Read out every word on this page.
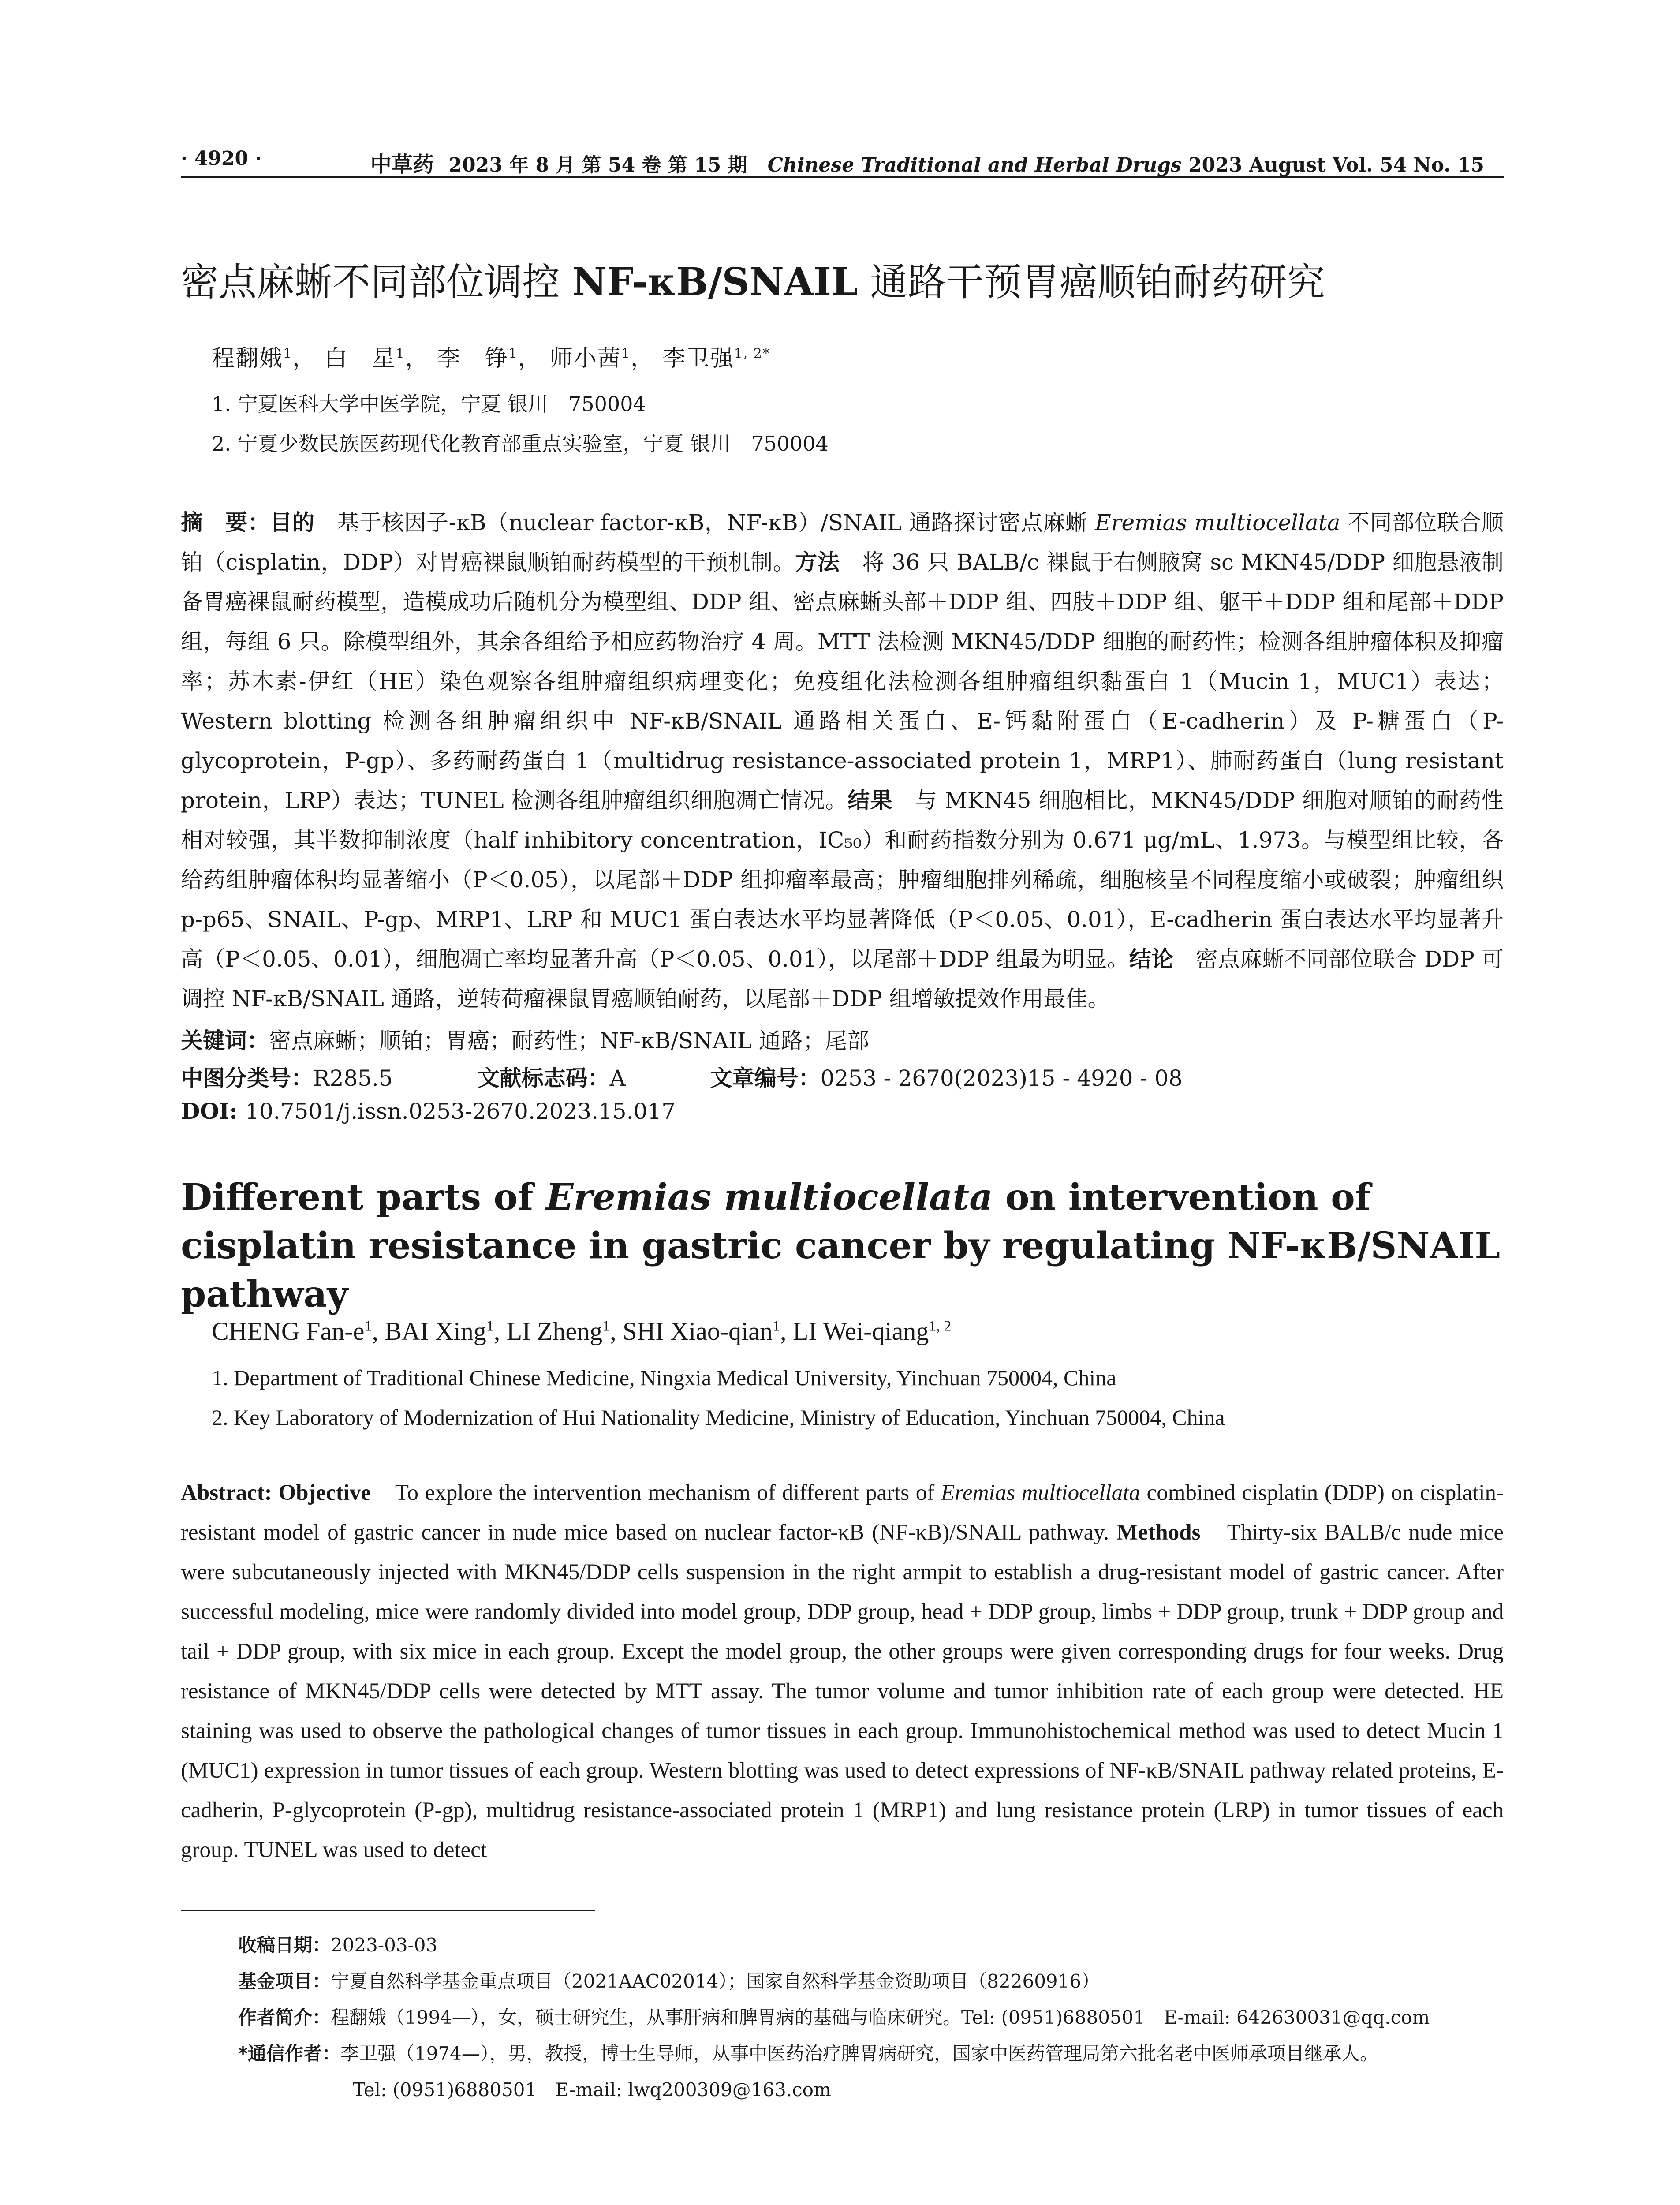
· 4920 ·	中草药 2023 年 8 月 第 54 卷 第 15 期 Chinese Traditional and Herbal Drugs 2023 August Vol. 54 No. 15
密点麻蜥不同部位调控 NF-κB/SNAIL 通路干预胃癌顺铂耐药研究
程翻娥$^1$， 白　星$^1$， 李　铮$^1$， 师小茜$^1$， 李卫强$^{1, 2*}$
1. 宁夏医科大学中医学院，宁夏 银川　750004
2. 宁夏少数民族医药现代化教育部重点实验室，宁夏 银川　750004
摘　要：目的　基于核因子-κB（nuclear factor-κB，NF-κB）/SNAIL 通路探讨密点麻蜥 Eremias multiocellata 不同部位联合顺铂（cisplatin，DDP）对胃癌裸鼠顺铂耐药模型的干预机制。方法　将 36 只 BALB/c 裸鼠于右侧腋窝 sc MKN45/DDP 细胞悬液制备胃癌裸鼠耐药模型，造模成功后随机分为模型组、DDP 组、密点麻蜥头部＋DDP 组、四肢＋DDP 组、躯干＋DDP 组和尾部＋DDP 组，每组 6 只。除模型组外，其余各组给予相应药物治疗 4 周。MTT 法检测 MKN45/DDP 细胞的耐药性；检测各组肿瘤体积及抑瘤率；苏木素-伊红（HE）染色观察各组肿瘤组织病理变化；免疫组化法检测各组肿瘤组织黏蛋白 1（Mucin 1，MUC1）表达；Western blotting 检测各组肿瘤组织中 NF-κB/SNAIL 通路相关蛋白、E-钙黏附蛋白（E-cadherin）及 P-糖蛋白（P-glycoprotein，P-gp）、多药耐药蛋白 1（multidrug resistance-associated protein 1，MRP1）、肺耐药蛋白（lung resistant protein，LRP）表达；TUNEL 检测各组肿瘤组织细胞凋亡情况。结果　与 MKN45 细胞相比，MKN45/DDP 细胞对顺铂的耐药性相对较强，其半数抑制浓度（half inhibitory concentration，IC₅₀）和耐药指数分别为 0.671 μg/mL、1.973。与模型组比较，各给药组肿瘤体积均显著缩小（P＜0.05），以尾部＋DDP 组抑瘤率最高；肿瘤细胞排列稀疏，细胞核呈不同程度缩小或破裂；肿瘤组织 p-p65、SNAIL、P-gp、MRP1、LRP 和 MUC1 蛋白表达水平均显著降低（P＜0.05、0.01），E-cadherin 蛋白表达水平均显著升高（P＜0.05、0.01），细胞凋亡率均显著升高（P＜0.05、0.01），以尾部＋DDP 组最为明显。结论　密点麻蜥不同部位联合 DDP 可调控 NF-κB/SNAIL 通路，逆转荷瘤裸鼠胃癌顺铂耐药，以尾部＋DDP 组增敏提效作用最佳。
关键词：密点麻蜥；顺铂；胃癌；耐药性；NF-κB/SNAIL 通路；尾部
中图分类号：R285.5	文献标志码：A	文章编号：0253 - 2670(2023)15 - 4920 - 08
DOI: 10.7501/j.issn.0253-2670.2023.15.017
Different parts of Eremias multiocellata on intervention of cisplatin resistance in gastric cancer by regulating NF-κB/SNAIL pathway
CHENG Fan-$e^1$, BAI Xing$^1$, LI Zheng$^1$, SHI Xiao-qian$^1$, LI Wei-qiang$^{1, 2}$
1. Department of Traditional Chinese Medicine, Ningxia Medical University, Yinchuan 750004, China
2. Key Laboratory of Modernization of Hui Nationality Medicine, Ministry of Education, Yinchuan 750004, China
Abstract: Objective　To explore the intervention mechanism of different parts of Eremias multiocellata combined cisplatin (DDP) on cisplatin-resistant model of gastric cancer in nude mice based on nuclear factor-κB (NF-κB)/SNAIL pathway. Methods　Thirty-six BALB/c nude mice were subcutaneously injected with MKN45/DDP cells suspension in the right armpit to establish a drug-resistant model of gastric cancer. After successful modeling, mice were randomly divided into model group, DDP group, head + DDP group, limbs + DDP group, trunk + DDP group and tail + DDP group, with six mice in each group. Except the model group, the other groups were given corresponding drugs for four weeks. Drug resistance of MKN45/DDP cells were detected by MTT assay. The tumor volume and tumor inhibition rate of each group were detected. HE staining was used to observe the pathological changes of tumor tissues in each group. Immunohistochemical method was used to detect Mucin 1 (MUC1) expression in tumor tissues of each group. Western blotting was used to detect expressions of NF-κB/SNAIL pathway related proteins, E-cadherin, P-glycoprotein (P-gp), multidrug resistance-associated protein 1 (MRP1) and lung resistance protein (LRP) in tumor tissues of each group. TUNEL was used to detect
收稿日期：2023-03-03
基金项目：宁夏自然科学基金重点项目（2021AAC02014）；国家自然科学基金资助项目（82260916）
作者简介：程翻娥（1994—），女，硕士研究生，从事肝病和脾胃病的基础与临床研究。Tel: (0951)6880501　E-mail: 642630031@qq.com
*通信作者：李卫强（1974—），男，教授，博士生导师，从事中医药治疗脾胃病研究，国家中医药管理局第六批名老中医师承项目继承人。
Tel: (0951)6880501　E-mail: lwq200309@163.com
